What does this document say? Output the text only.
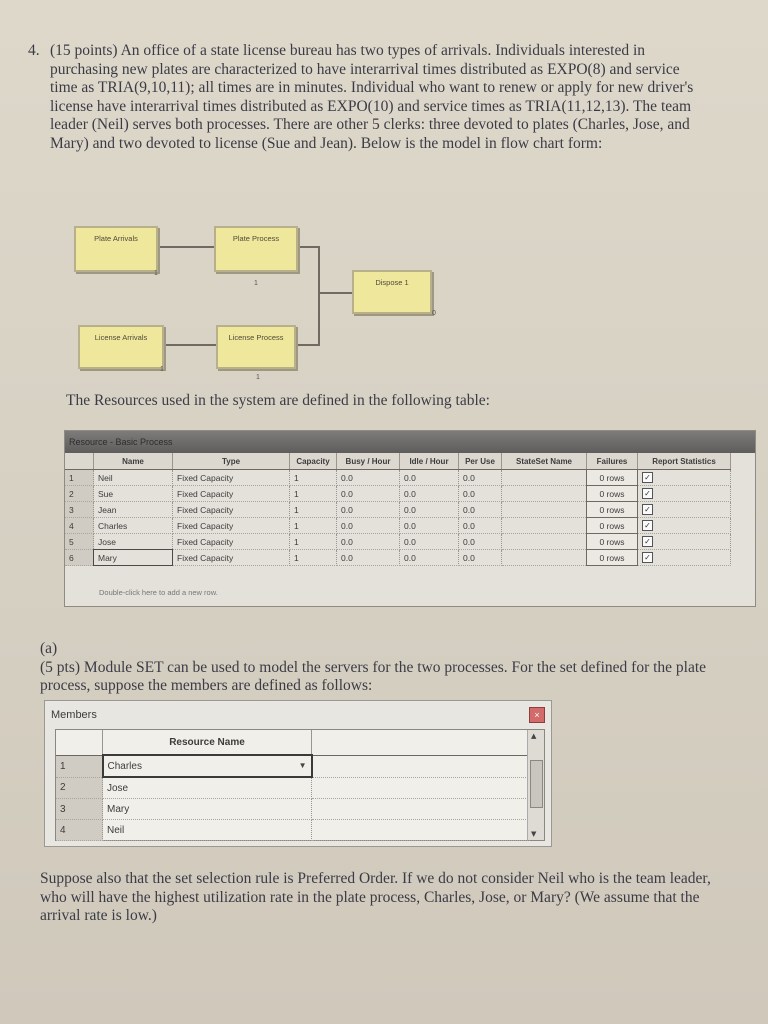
4. (15 points) An office of a state license bureau has two types of arrivals. Individuals interested in purchasing new plates are characterized to have interarrival times distributed as EXPO(8) and service time as TRIA(9,10,11); all times are in minutes. Individual who want to renew or apply for new driver's license have interarrival times distributed as EXPO(10) and service times as TRIA(11,12,13). The team leader (Neil) serves both processes. There are other 5 clerks: three devoted to plates (Charles, Jose, and Mary) and two devoted to license (Sue and Jean). Below is the model in flow chart form:
Plate Arrivals	Plate Process
Dispose 1
License Arrivals	License Process
1
1
0
1
1
The Resources used in the system are defined in the following table:
Resource - Basic Process
	Name	Type	Capacity	Busy / Hour	Idle / Hour	Per Use	StateSet Name	Failures	Report Statistics
1	Neil	Fixed Capacity	1	0.0	0.0	0.0		0 rows	✓
2	Sue	Fixed Capacity	1	0.0	0.0	0.0		0 rows	✓
3	Jean	Fixed Capacity	1	0.0	0.0	0.0		0 rows	✓
4	Charles	Fixed Capacity	1	0.0	0.0	0.0		0 rows	✓
5	Jose	Fixed Capacity	1	0.0	0.0	0.0		0 rows	✓
6	Mary	Fixed Capacity	1	0.0	0.0	0.0		0 rows	✓
Double-click here to add a new row.
(a)(5 pts) Module SET can be used to model the servers for the two processes. For the set defined for the plate process, suppose the members are defined as follows:
Members	×
	Resource Name	
1	Charles ▼	

2	Jose	
3	Mary	
4	Neil	
▲
▼
Suppose also that the set selection rule is Preferred Order. If we do not consider Neil who is the team leader, who will have the highest utilization rate in the plate process, Charles, Jose, or Mary? (We assume that the arrival rate is low.)
